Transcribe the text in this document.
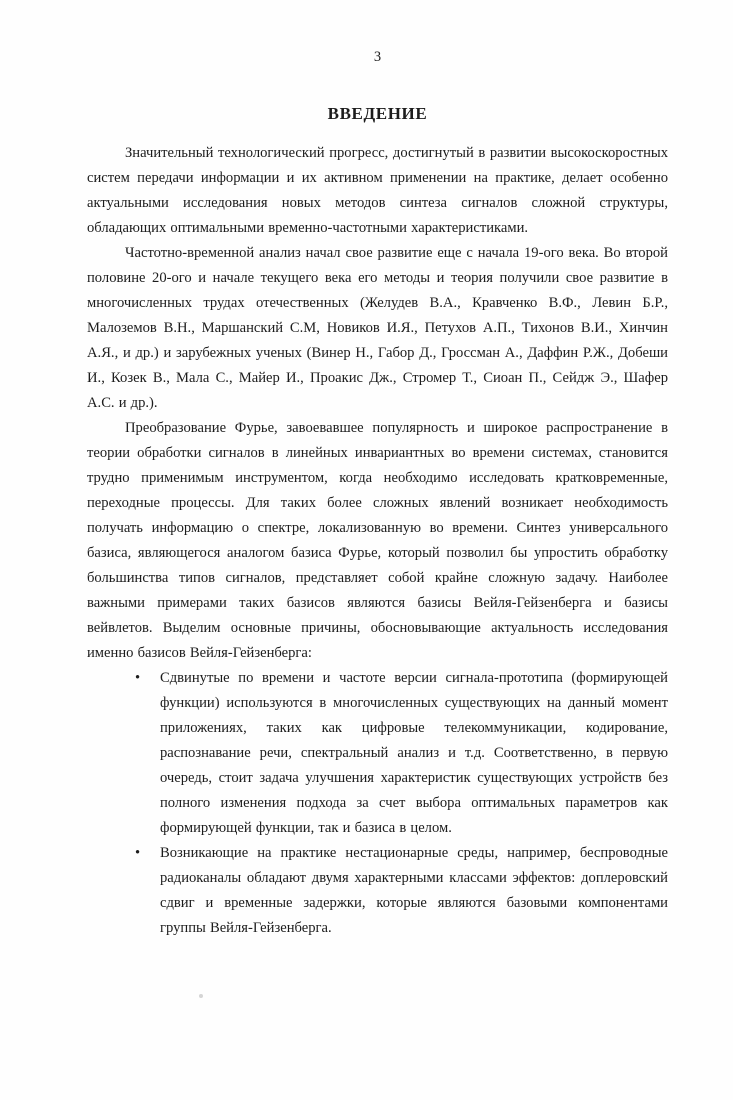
3
ВВЕДЕНИЕ

Значительный технологический прогресс, достигнутый в развитии высокоскоростных систем передачи информации и их активном применении на практике, делает особенно актуальными исследования новых методов синтеза сигналов сложной структуры, обладающих оптимальными временно-частотными характеристиками.

Частотно-временной анализ начал свое развитие еще с начала 19-ого века. Во второй половине 20-ого и начале текущего века его методы и теория получили свое развитие в многочисленных трудах отечественных (Желудев В.А., Кравченко В.Ф., Левин Б.Р., Малоземов В.Н., Маршанский С.М, Новиков И.Я., Петухов А.П., Тихонов В.И., Хинчин А.Я., и др.) и зарубежных ученых (Винер Н., Габор Д., Гроссман А., Даффин Р.Ж., Добеши И., Козек В., Мала С., Майер И., Проакис Дж., Стромер Т., Сиоан П., Сейдж Э., Шафер А.С. и др.).

Преобразование Фурье, завоевавшее популярность и широкое распространение в теории обработки сигналов в линейных инвариантных во времени системах, становится трудно применимым инструментом, когда необходимо исследовать кратковременные, переходные процессы. Для таких более сложных явлений возникает необходимость получать информацию о спектре, локализованную во времени. Синтез универсального базиса, являющегося аналогом базиса Фурье, который позволил бы упростить обработку большинства типов сигналов, представляет собой крайне сложную задачу. Наиболее важными примерами таких базисов являются базисы Вейля-Гейзенберга и базисы вейвлетов. Выделим основные причины, обосновывающие актуальность исследования именно базисов Вейля-Гейзенберга:

• Сдвинутые по времени и частоте версии сигнала-прототипа (формирующей функции) используются в многочисленных существующих на данный момент приложениях, таких как цифровые телекоммуникации, кодирование, распознавание речи, спектральный анализ и т.д. Соответственно, в первую очередь, стоит задача улучшения характеристик существующих устройств без полного изменения подхода за счет выбора оптимальных параметров как формирующей функции, так и базиса в целом.
• Возникающие на практике нестационарные среды, например, беспроводные радиоканалы обладают двумя характерными классами эффектов: доплеровский сдвиг и временные задержки, которые являются базовыми компонентами группы Вейля-Гейзенберга.
